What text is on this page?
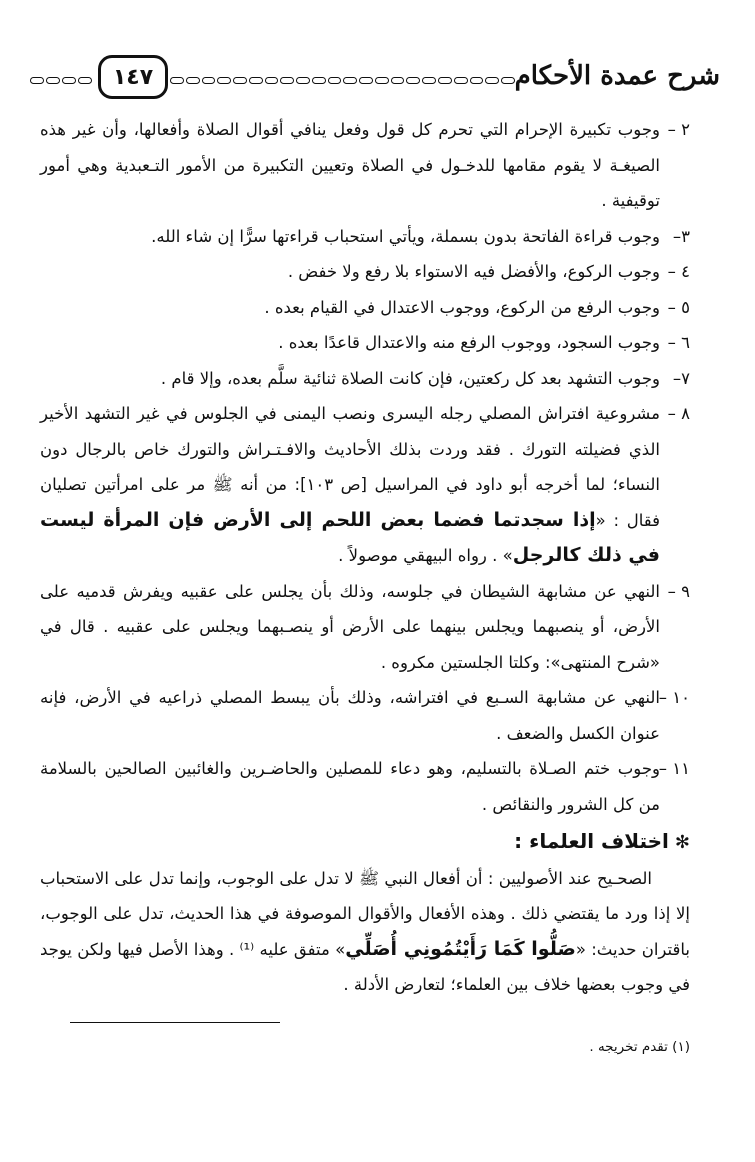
١٤٧	شرح عمدة الأحكام

٢ –
وجوب تكبيرة الإحرام التي تحرم كل قول وفعل ينافي أقوال الصلاة وأفعالها، وأن غير هذه الصيغـة لا يقوم مقامها للدخـول في الصلاة وتعيين التكبيرة من الأمور التـعبدية وهي أمور توقيفية .

٣–
وجوب قراءة الفاتحة بدون بسملة، ويأتي استحباب قراءتها سرًّا إن شاء الله.

٤ –
وجوب الركوع، والأفضل فيه الاستواء بلا رفع ولا خفض .

٥ –
وجوب الرفع من الركوع، ووجوب الاعتدال في القيام بعده .

٦ –
وجوب السجود، ووجوب الرفع منه والاعتدال قاعدًا بعده .

٧–
وجوب التشهد بعد كل ركعتين، فإن كانت الصلاة ثنائية سلَّم بعده، وإلا قام .

٨ –
مشروعية افتراش المصلي رجله اليسرى ونصب اليمنى في الجلوس في غير التشهد الأخير الذي فضيلته التورك . فقد وردت بذلك الأحاديث والافـتـراش والتورك خاص بالرجال دون النساء؛ لما أخرجه أبو داود في المراسيل [ص ١٠٣]: من أنه ﷺ مر على امرأتين تصليان فقال : «إذا سجدتما فضما بعض اللحم إلى الأرض فإن المرأة ليست في ذلك كالرجل» . رواه البيهقي موصولاً .

٩ –
النهي عن مشابهة الشيطان في جلوسه، وذلك بأن يجلس على عقبيه ويفرش قدميه على الأرض، أو ينصبهما ويجلس بينهما على الأرض أو ينصـبهما ويجلس على عقبيه . قال في «شرح المنتهى»: وكلتا الجلستين مكروه .

١٠ –
النهي عن مشابهة السـبع في افتراشه، وذلك بأن يبسط المصلي ذراعيه في الأرض، فإنه عنوان الكسل والضعف .

١١ –
وجوب ختم الصـلاة بالتسليم، وهو دعاء للمصلين والحاضـرين والغائبين الصالحين بالسلامة من كل الشرور والنقائص .

✻اختلاف العلماء :

الصحـيح عند الأصوليين : أن أفعال النبي ﷺ لا تدل على الوجوب، وإنما تدل على الاستحباب إلا إذا ورد ما يقتضي ذلك . وهذه الأفعال والأقوال الموصوفة في هذا الحديث، تدل على الوجوب، باقتران حديث: «صَلُّوا كَمَا رَأَيْتُمُونِي أُصَلِّي» متفق عليه ⁽¹⁾ . وهذا الأصل فيها ولكن يوجد في وجوب بعضها خلاف بين العلماء؛ لتعارض الأدلة .

(١) تقدم تخريجه .
